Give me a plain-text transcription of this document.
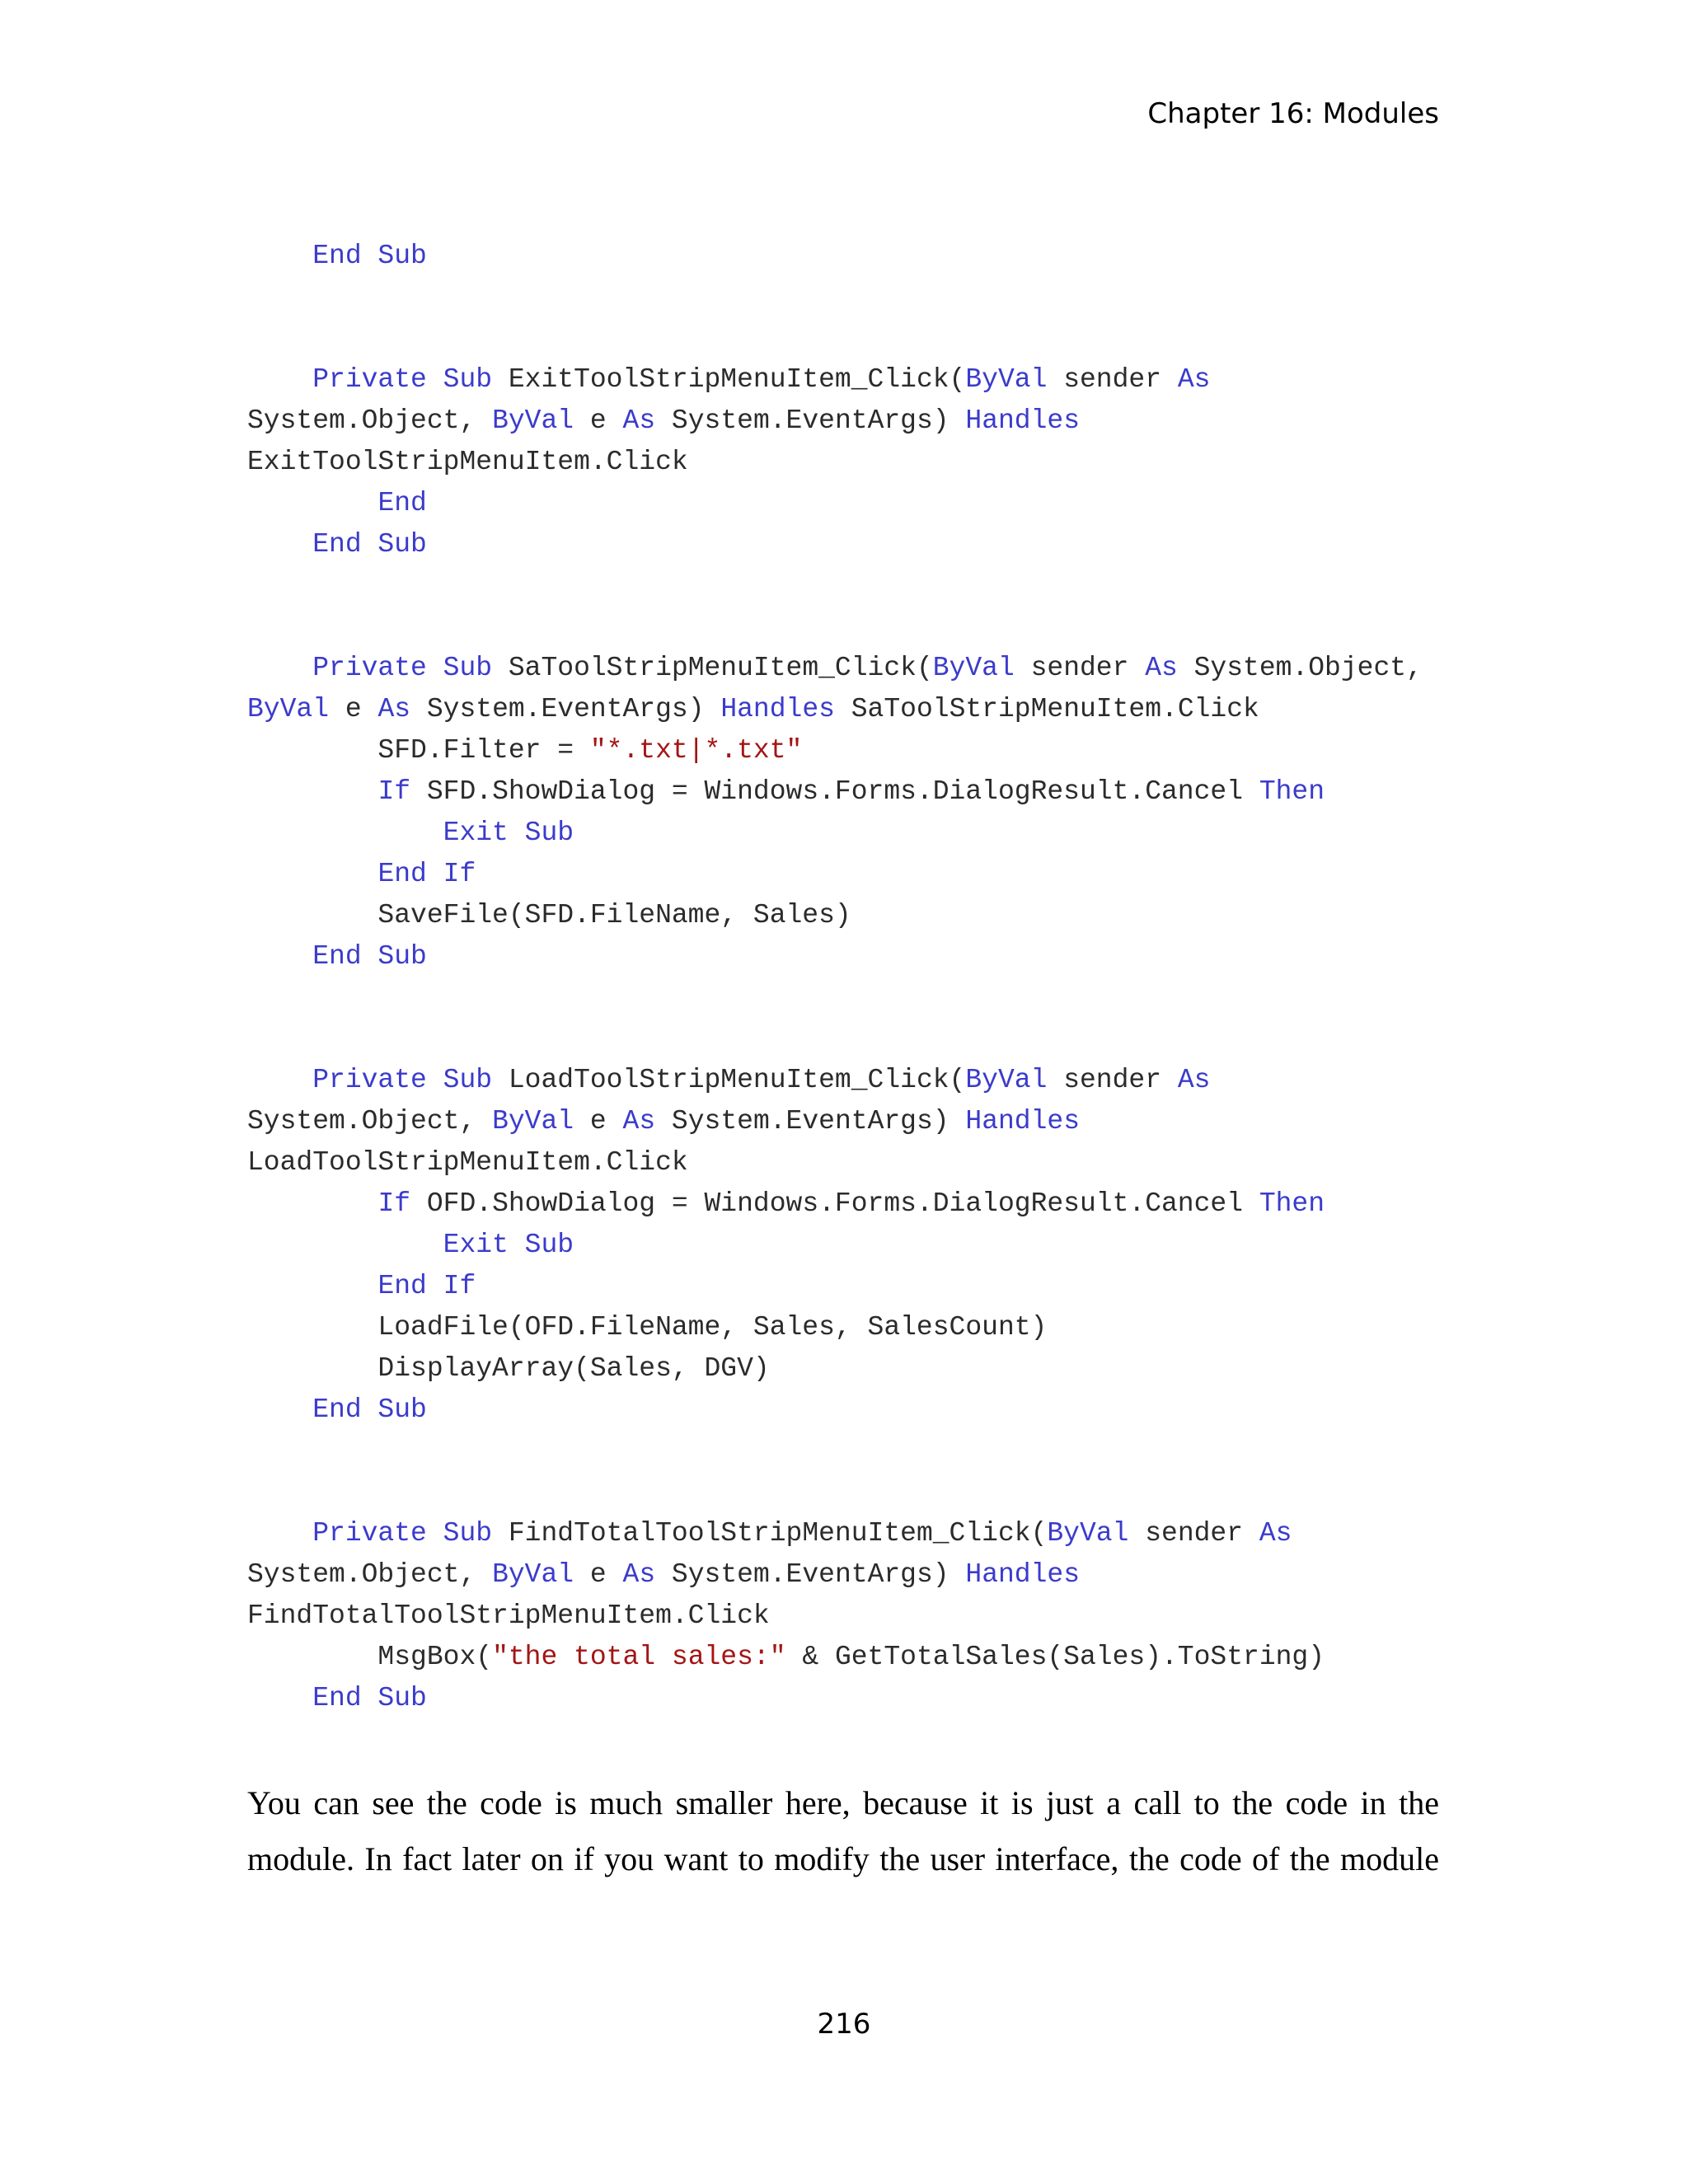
Chapter 16: Modules
End Sub
Private Sub ExitToolStripMenuItem_Click(ByVal sender As
System.Object, ByVal e As System.EventArgs) Handles
ExitToolStripMenuItem.Click
End
End Sub
Private Sub SaToolStripMenuItem_Click(ByVal sender As System.Object,
ByVal e As System.EventArgs) Handles SaToolStripMenuItem.Click
SFD.Filter = "*.txt|*.txt"
If SFD.ShowDialog = Windows.Forms.DialogResult.Cancel Then
Exit Sub
End If
SaveFile(SFD.FileName, Sales)
End Sub
Private Sub LoadToolStripMenuItem_Click(ByVal sender As
System.Object, ByVal e As System.EventArgs) Handles
LoadToolStripMenuItem.Click
If OFD.ShowDialog = Windows.Forms.DialogResult.Cancel Then
Exit Sub
End If
LoadFile(OFD.FileName, Sales, SalesCount)
DisplayArray(Sales, DGV)
End Sub
Private Sub FindTotalToolStripMenuItem_Click(ByVal sender As
System.Object, ByVal e As System.EventArgs) Handles
FindTotalToolStripMenuItem.Click
MsgBox("the total sales:" & GetTotalSales(Sales).ToString)
End Sub
You can see the code is much smaller here, because it is just a call to the code in the
module. In fact later on if you want to modify the user interface, the code of the module
216
